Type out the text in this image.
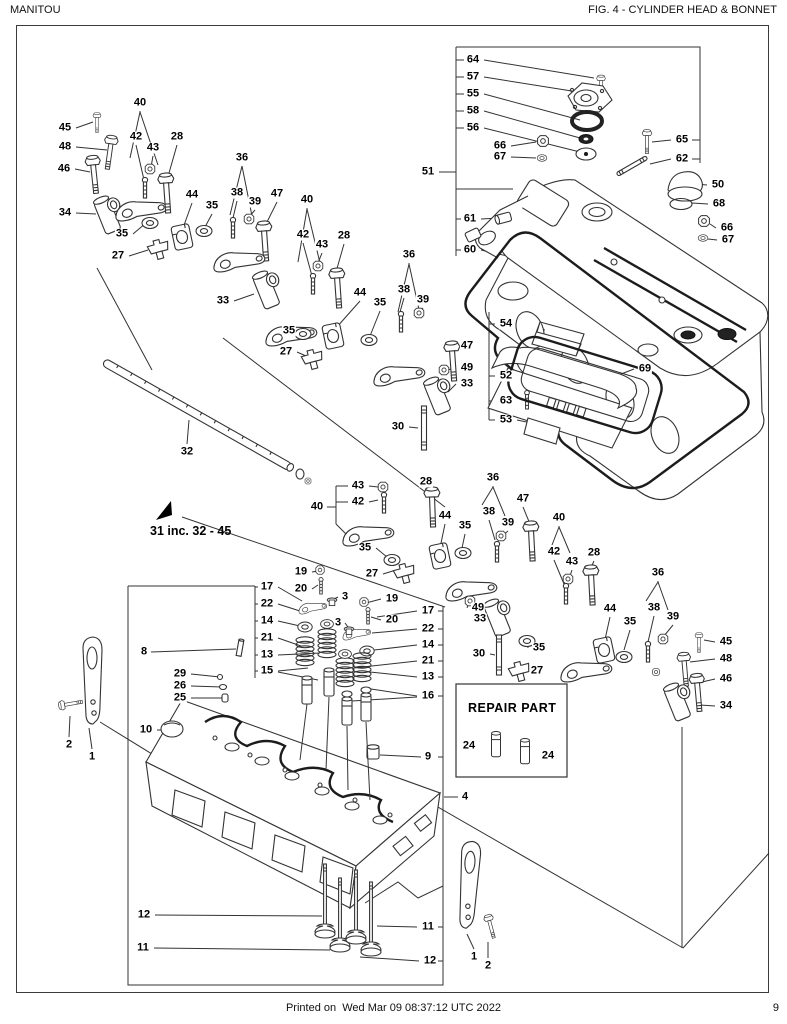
MANITOU	FIG. 4 - CYLINDER HEAD & BONNET
64
57
55
58
56
66
67
51
61
60
65
62
50
68
66
67
54
52
63
53
69
45
48
46
34
40
42
43
28
35
27
44
35
36
38
39
47
33
40
42
43
28
44
35
36
38
39
35
27	47
49
33
30
32
43
42
40
28
35
27
36
38
39
47
40
42
43
28
44
35
49
33
30	35
27
36
38
39
44
35
45
48
46
34
19
20
3
17
22
14
21
13
15
8
29
26
25
10
2
1
19
20
3
17
22
14
21
13
16
9
4
12
11
11
12	1
2
24
24
31 inc. 32 - 45
REPAIR PART
Printed on  Wed Mar 09 08:37:12 UTC 2022	9
